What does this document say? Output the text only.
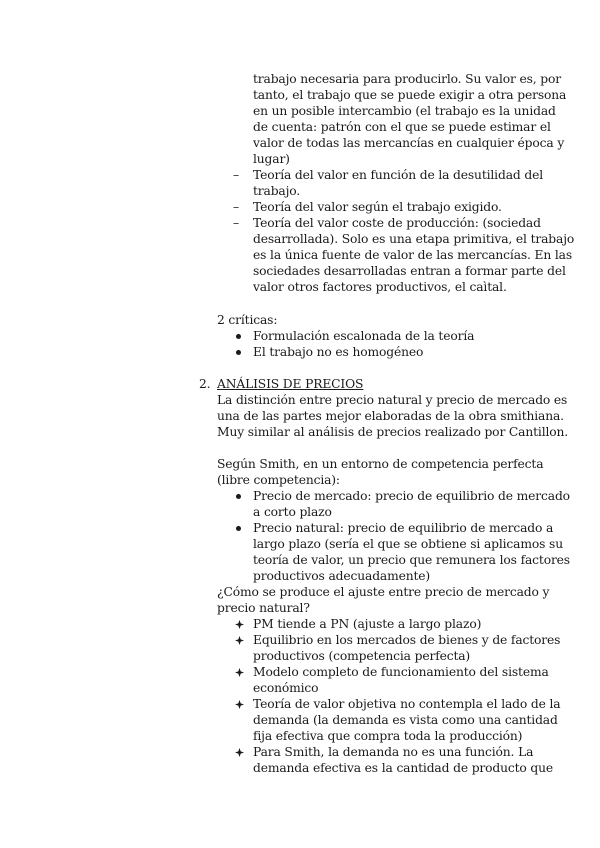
trabajo necesaria para producirlo. Su valor es, por
tanto, el trabajo que se puede exigir a otra persona
en un posible intercambio (el trabajo es la unidad
de cuenta: patrón con el que se puede estimar el
valor de todas las mercancías en cualquier época y
lugar)
– Teoría del valor en función de la desutilidad del
trabajo.
– Teoría del valor según el trabajo exigido.
– Teoría del valor coste de producción: (sociedad
desarrollada). Solo es una etapa primitiva, el trabajo
es la única fuente de valor de las mercancías. En las
sociedades desarrolladas entran a formar parte del
valor otros factores productivos, el caìtal.
2 críticas:
Formulación escalonada de la teoría
El trabajo no es homogéneo
2. ANÁLISIS DE PRECIOS
La distinción entre precio natural y precio de mercado es
una de las partes mejor elaboradas de la obra smithiana.
Muy similar al análisis de precios realizado por Cantillon.
Según Smith, en un entorno de competencia perfecta
(libre competencia):
Precio de mercado: precio de equilibrio de mercado
a corto plazo
Precio natural: precio de equilibrio de mercado a
largo plazo (sería el que se obtiene si aplicamos su
teoría de valor, un precio que remunera los factores
productivos adecuadamente)
¿Cómo se produce el ajuste entre precio de mercado y
precio natural?
PM tiende a PN (ajuste a largo plazo)
Equilibrio en los mercados de bienes y de factores
productivos (competencia perfecta)
Modelo completo de funcionamiento del sistema
económico
Teoría de valor objetiva no contempla el lado de la
demanda (la demanda es vista como una cantidad
fija efectiva que compra toda la producción)
Para Smith, la demanda no es una función. La
demanda efectiva es la cantidad de producto que
